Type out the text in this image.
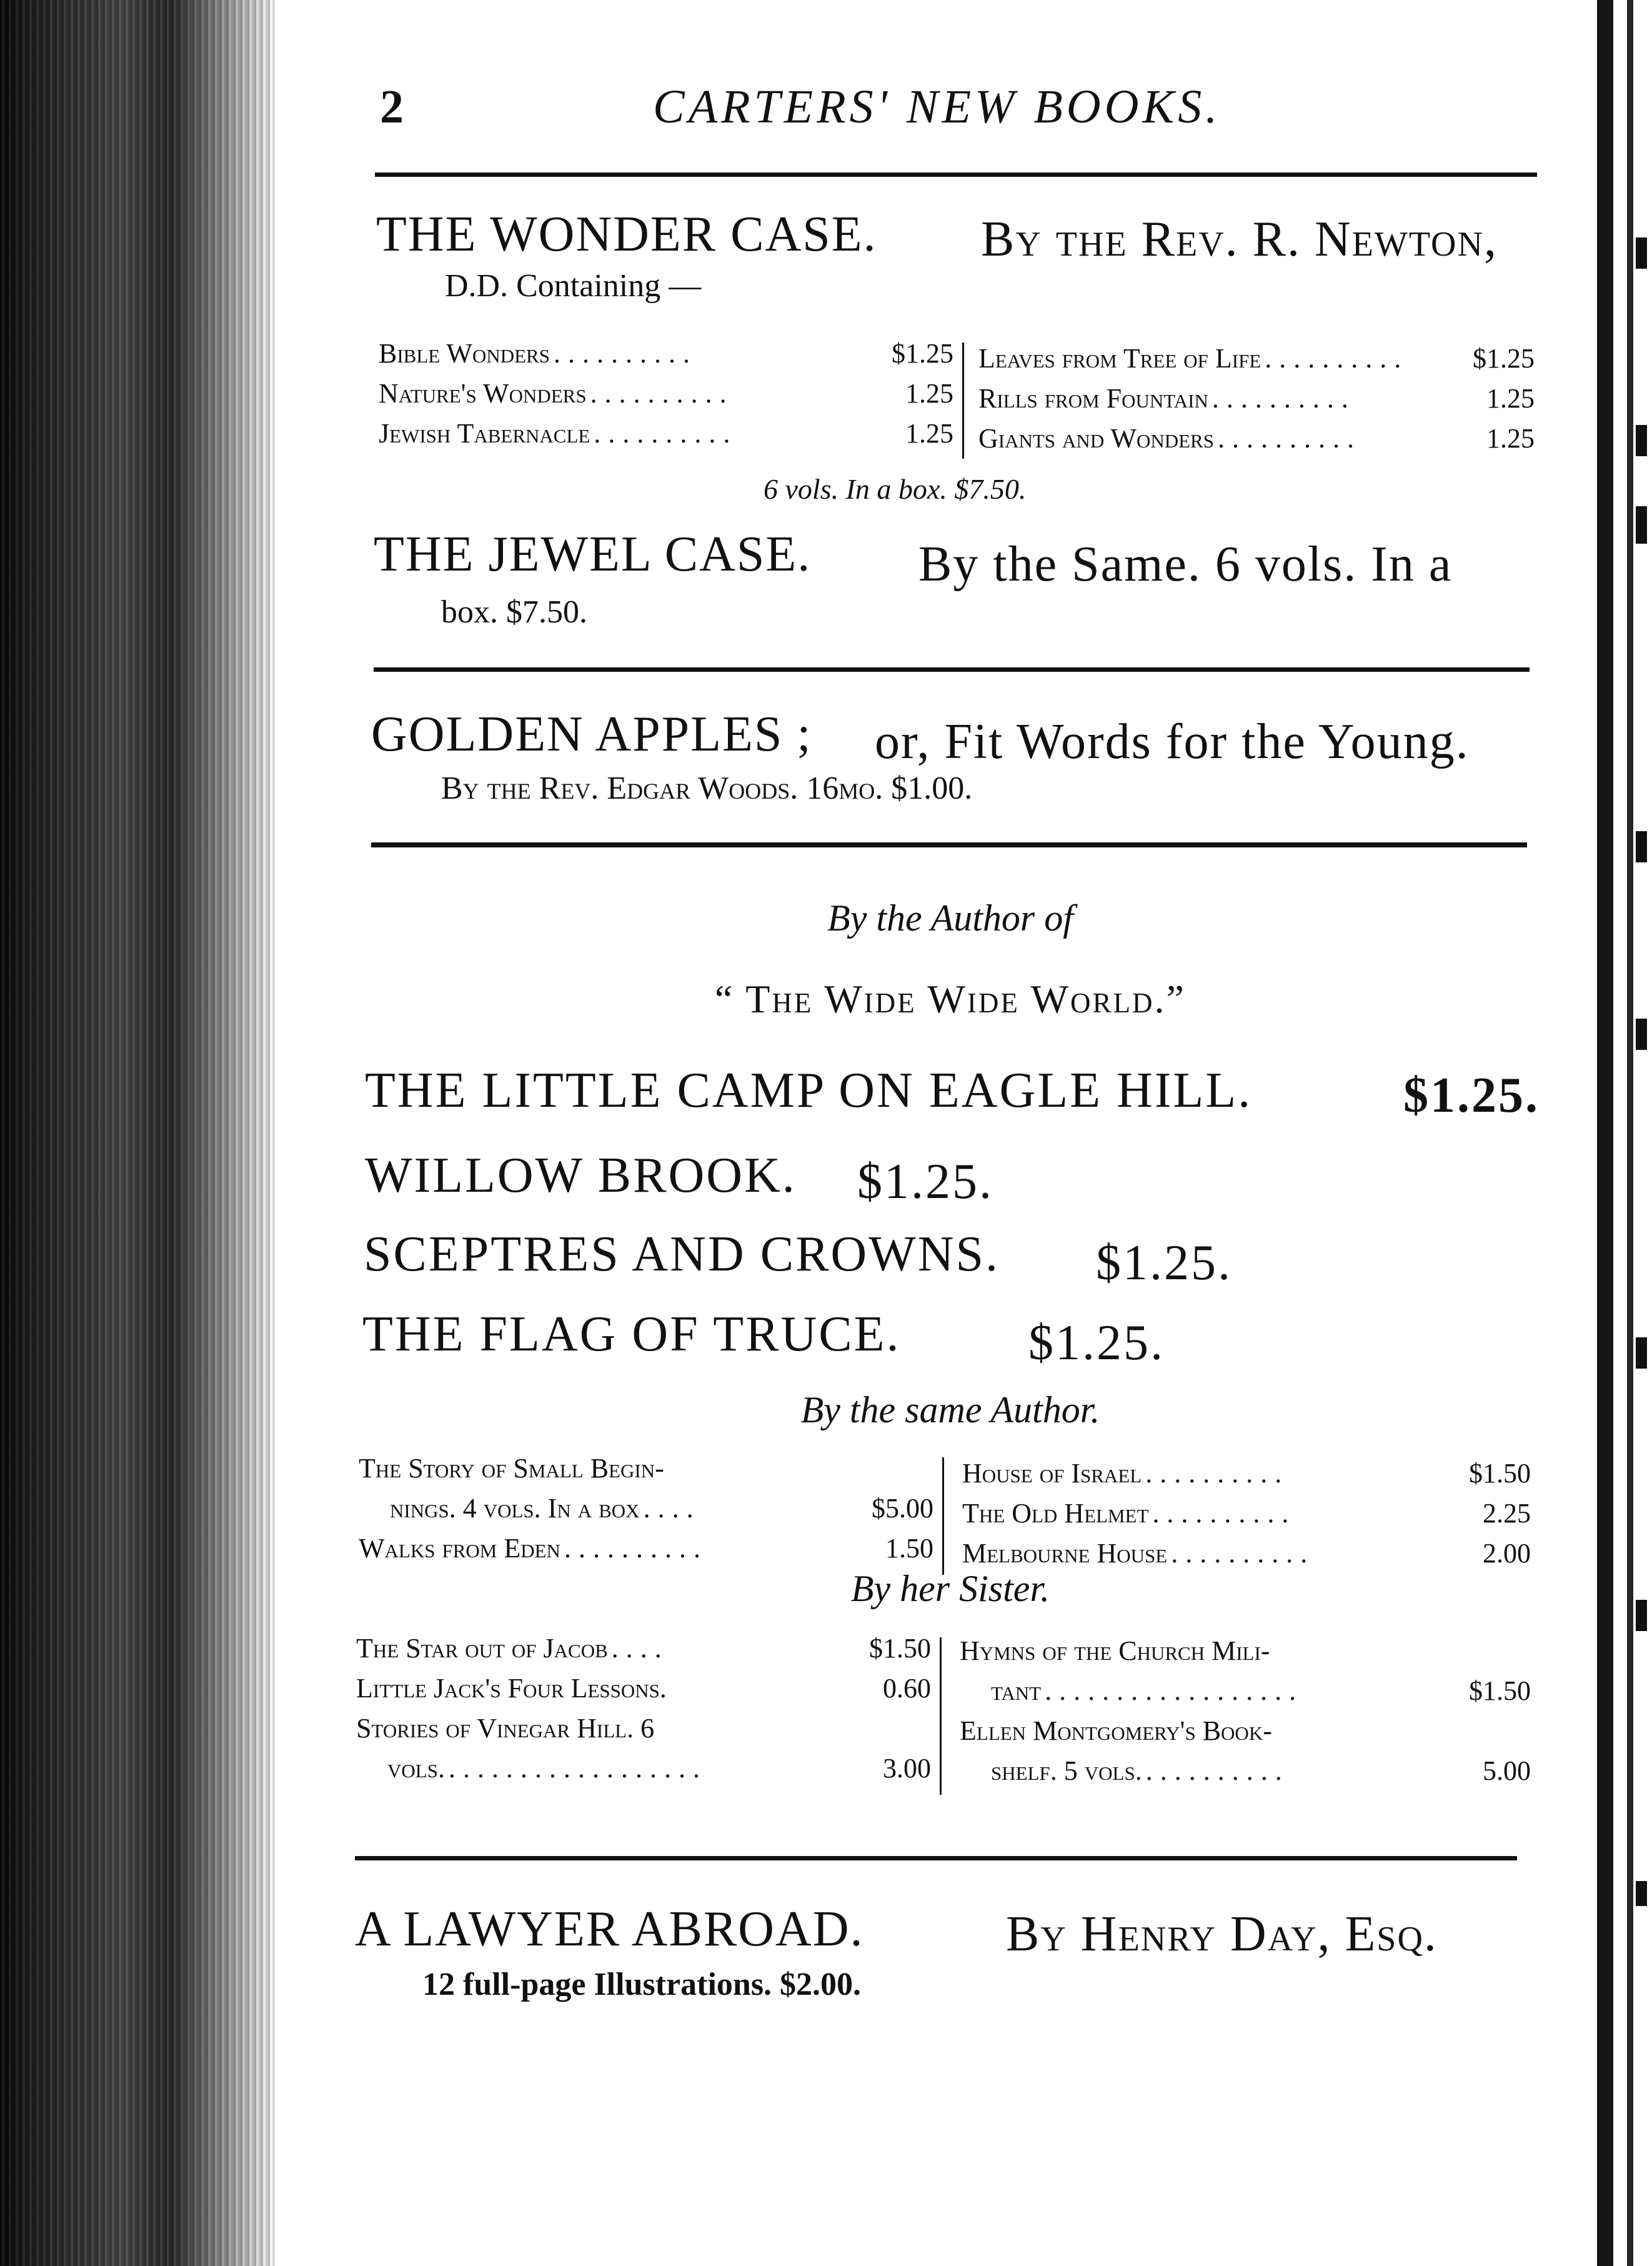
2	CARTERS' NEW BOOKS.
THE WONDER CASE. By the Rev. R. Newton,
D.D. Containing —
Bible Wonders ..........	$1.25
Nature's Wonders ..........	1.25
Jewish Tabernacle ..........	1.25
Leaves from Tree of Life ..........	$1.25
Rills from Fountain ..........	1.25
Giants and Wonders ..........	1.25
6 vols. In a box. $7.50.
THE JEWEL CASE. By the Same. 6 vols. In a
box. $7.50.
GOLDEN APPLES ; or, Fit Words for the Young.
By the Rev. Edgar Woods. 16mo. $1.00.
By the Author of
“ The Wide Wide World.”
THE LITTLE CAMP ON EAGLE HILL.	$1.25.
WILLOW BROOK. $1.25.
SCEPTRES AND CROWNS. $1.25.
THE FLAG OF TRUCE.	$1.25.
By the same Author.
The Story of Small Begin-
nings. 4 vols. In a box ....	$5.00
Walks from Eden ..........	1.50
House of Israel ..........	$1.50
The Old Helmet ..........	2.25
Melbourne House ..........	2.00
By her Sister.
The Star out of Jacob ....	$1.50
Little Jack's Four Lessons.	0.60
Stories of Vinegar Hill. 6
vols. ..................	3.00
Hymns of the Church Mili-
tant ..................	$1.50
Ellen Montgomery's Book-
shelf. 5 vols. ..........	5.00
A LAWYER ABROAD.	By Henry Day, Esq.
12 full-page Illustrations. $2.00.
